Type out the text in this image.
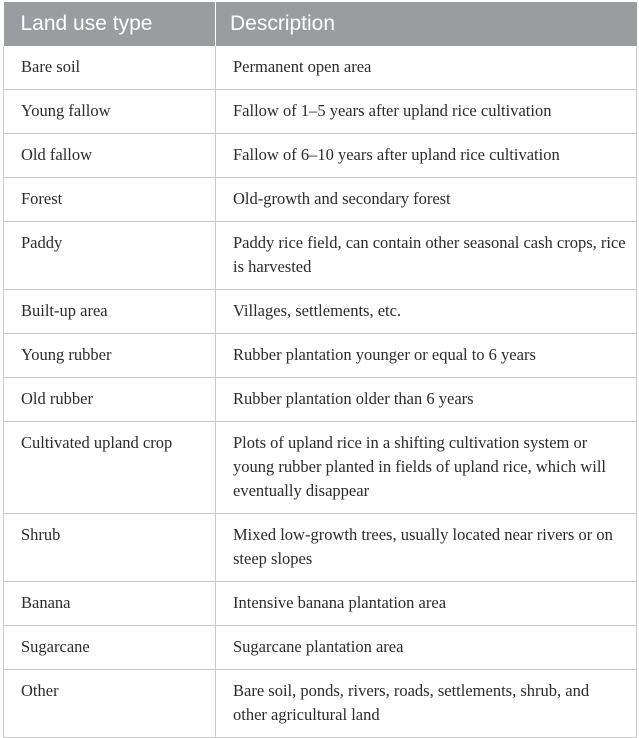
Land use type	Description
Bare soil	Permanent open area
Young fallow	Fallow of 1–5 years after upland rice cultivation
Old fallow	Fallow of 6–10 years after upland rice cultivation
Forest	Old-growth and secondary forest
Paddy	Paddy rice field, can contain other seasonal cash crops, rice is harvested
Built-up area	Villages, settlements, etc.
Young rubber	Rubber plantation younger or equal to 6 years
Old rubber	Rubber plantation older than 6 years
Cultivated upland crop	Plots of upland rice in a shifting cultivation system or young rubber planted in fields of upland rice, which will eventually disappear
Shrub	Mixed low-growth trees, usually located near rivers or on steep slopes
Banana	Intensive banana plantation area
Sugarcane	Sugarcane plantation area
Other	Bare soil, ponds, rivers, roads, settlements, shrub, and other agricultural land
